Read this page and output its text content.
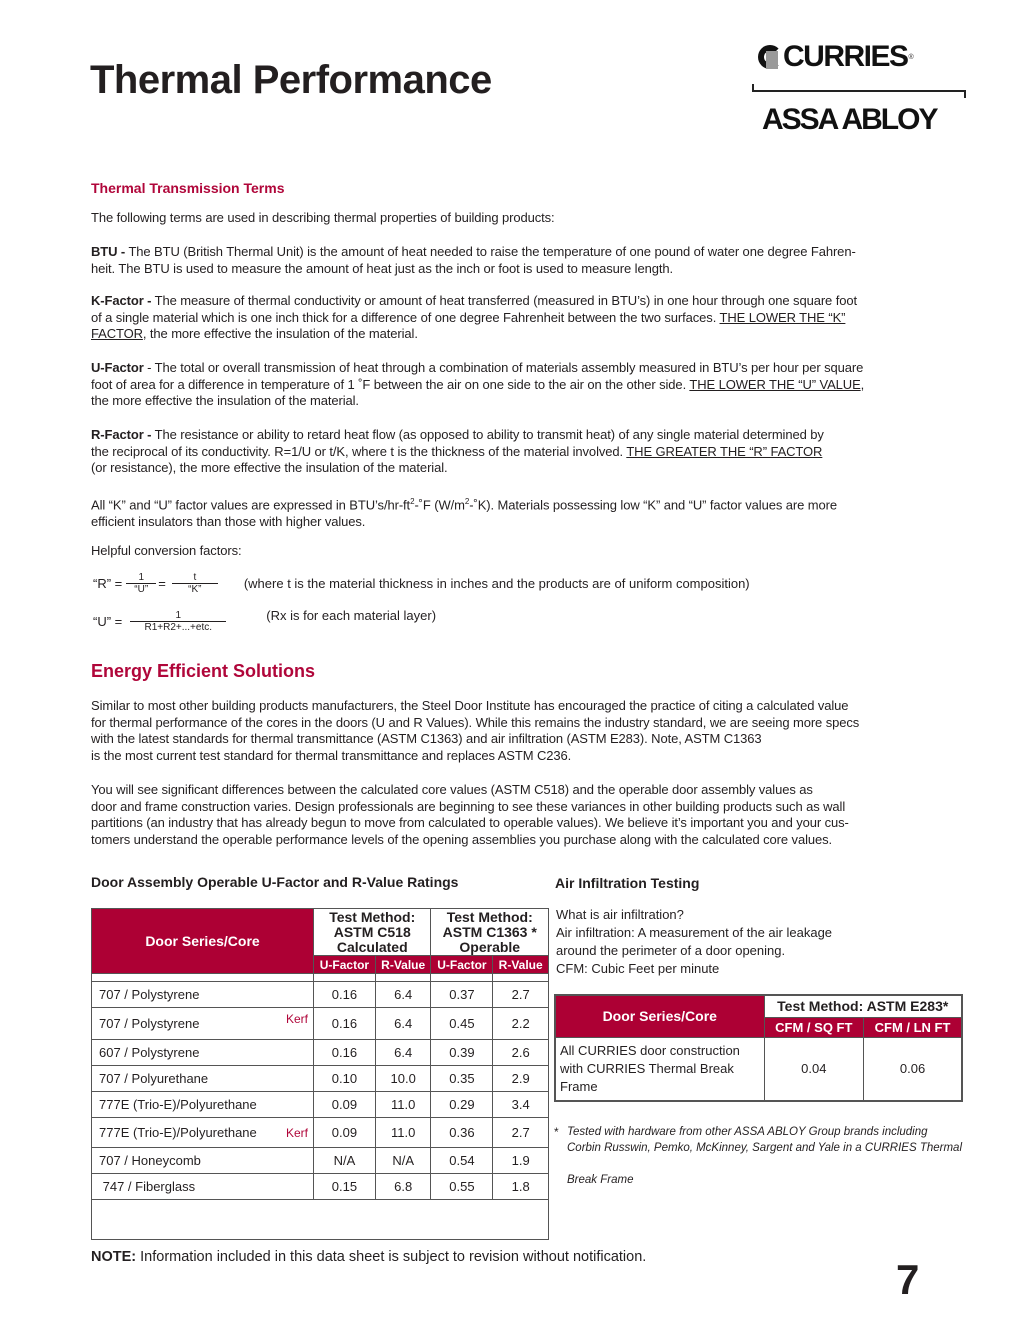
Thermal Performance
CURRIES ®
ASSA ABLOY
Thermal Transmission Terms
The following terms are used in describing thermal properties of building products:
BTU - The BTU (British Thermal Unit) is the amount of heat needed to raise the temperature of one pound of water one degree Fahren-
heit. The BTU is used to measure the amount of heat just as the inch or foot is used to measure length.
K-Factor - The measure of thermal conductivity or amount of heat transferred (measured in BTU’s) in one hour through one square foot
of a single material which is one inch thick for a difference of one degree Fahrenheit between the two surfaces. THE LOWER THE “K”
FACTOR, the more effective the insulation of the material.
U-Factor - The total or overall transmission of heat through a combination of materials assembly measured in BTU’s per hour per square
foot of area for a difference in temperature of 1 ˚F between the air on one side to the air on the other side. THE LOWER THE “U” VALUE,
the more effective the insulation of the material.
R-Factor - The resistance or ability to retard heat flow (as opposed to ability to transmit heat) of any single material determined by
the reciprocal of its conductivity. R=1/U or t/K, where t is the thickness of the material involved. THE GREATER THE “R” FACTOR
(or resistance), the more effective the insulation of the material.
All “K” and “U” factor values are expressed in $BTU’s/hr-ft^2-˚F$ $(W/m^2-˚K)$. Materials possessing low “K” and “U” factor values are more
efficient insulators than those with higher values.
Helpful conversion factors:
“R” = $\frac{1}{“U”} = \frac{t}{“K”}$ (where t is the material thickness in inches and the products are of uniform composition)
“U” = $\frac{1}{\text{R1+R2+...+etc.}}$	(Rx is for each material layer)
Energy Efficient Solutions
Similar to most other building products manufacturers, the Steel Door Institute has encouraged the practice of citing a calculated value
for thermal performance of the cores in the doors (U and R Values). While this remains the industry standard, we are seeing more specs
with the latest standards for thermal transmittance (ASTM C1363) and air infiltration (ASTM E283). Note, ASTM C1363
is the most current test standard for thermal transmittance and replaces ASTM C236.
You will see significant differences between the calculated core values (ASTM C518) and the operable door assembly values as
door and frame construction varies. Design professionals are beginning to see these variances in other building products such as wall
partitions (an industry that has already begun to move from calculated to operable values). We believe it’s important you and your cus-
tomers understand the operable performance levels of the opening assemblies you purchase along with the calculated core values.
Door Assembly Operable U-Factor and R-Value Ratings
Door Series/Core	Test Method:
ASTM C518
Calculated		Test Method:
ASTM C1363 *
Operable	
	U-Factor	R-Value	U-Factor	R-Value

707 / Polystyrene	0.16	6.4	0.37	2.7
707 / Polystyrene Kerf	0.16	6.4	0.45	2.2
607 / Polystyrene	0.16	6.4	0.39	2.6
707 / Polyurethane	0.10	10.0	0.35	2.9
777E (Trio-E)/Polyurethane	0.09	11.0	0.29	3.4
777E (Trio-E)/Polyurethane Kerf	0.09	11.0	0.36	2.7
707 / Honeycomb	N/A	N/A	0.54	1.9
747 / Fiberglass	0.15	6.8	0.55	1.8

Air Infiltration Testing
What is air infiltration?
Air infiltration: A measurement of the air leakage
around the perimeter of a door opening.
CFM: Cubic Feet per minute
Door Series/Core	Test Method: ASTM E283*	
	CFM / SQ FT	CFM / LN FT
All CURRIES door construction with CURRIES Thermal Break Frame	0.04	0.06
* Tested with hardware from other ASSA ABLOY Group brands including
Corbin Russwin, Pemko, McKinney, Sargent and Yale in a CURRIES Thermal
Break Frame
NOTE: Information included in this data sheet is subject to revision without notification.	7
